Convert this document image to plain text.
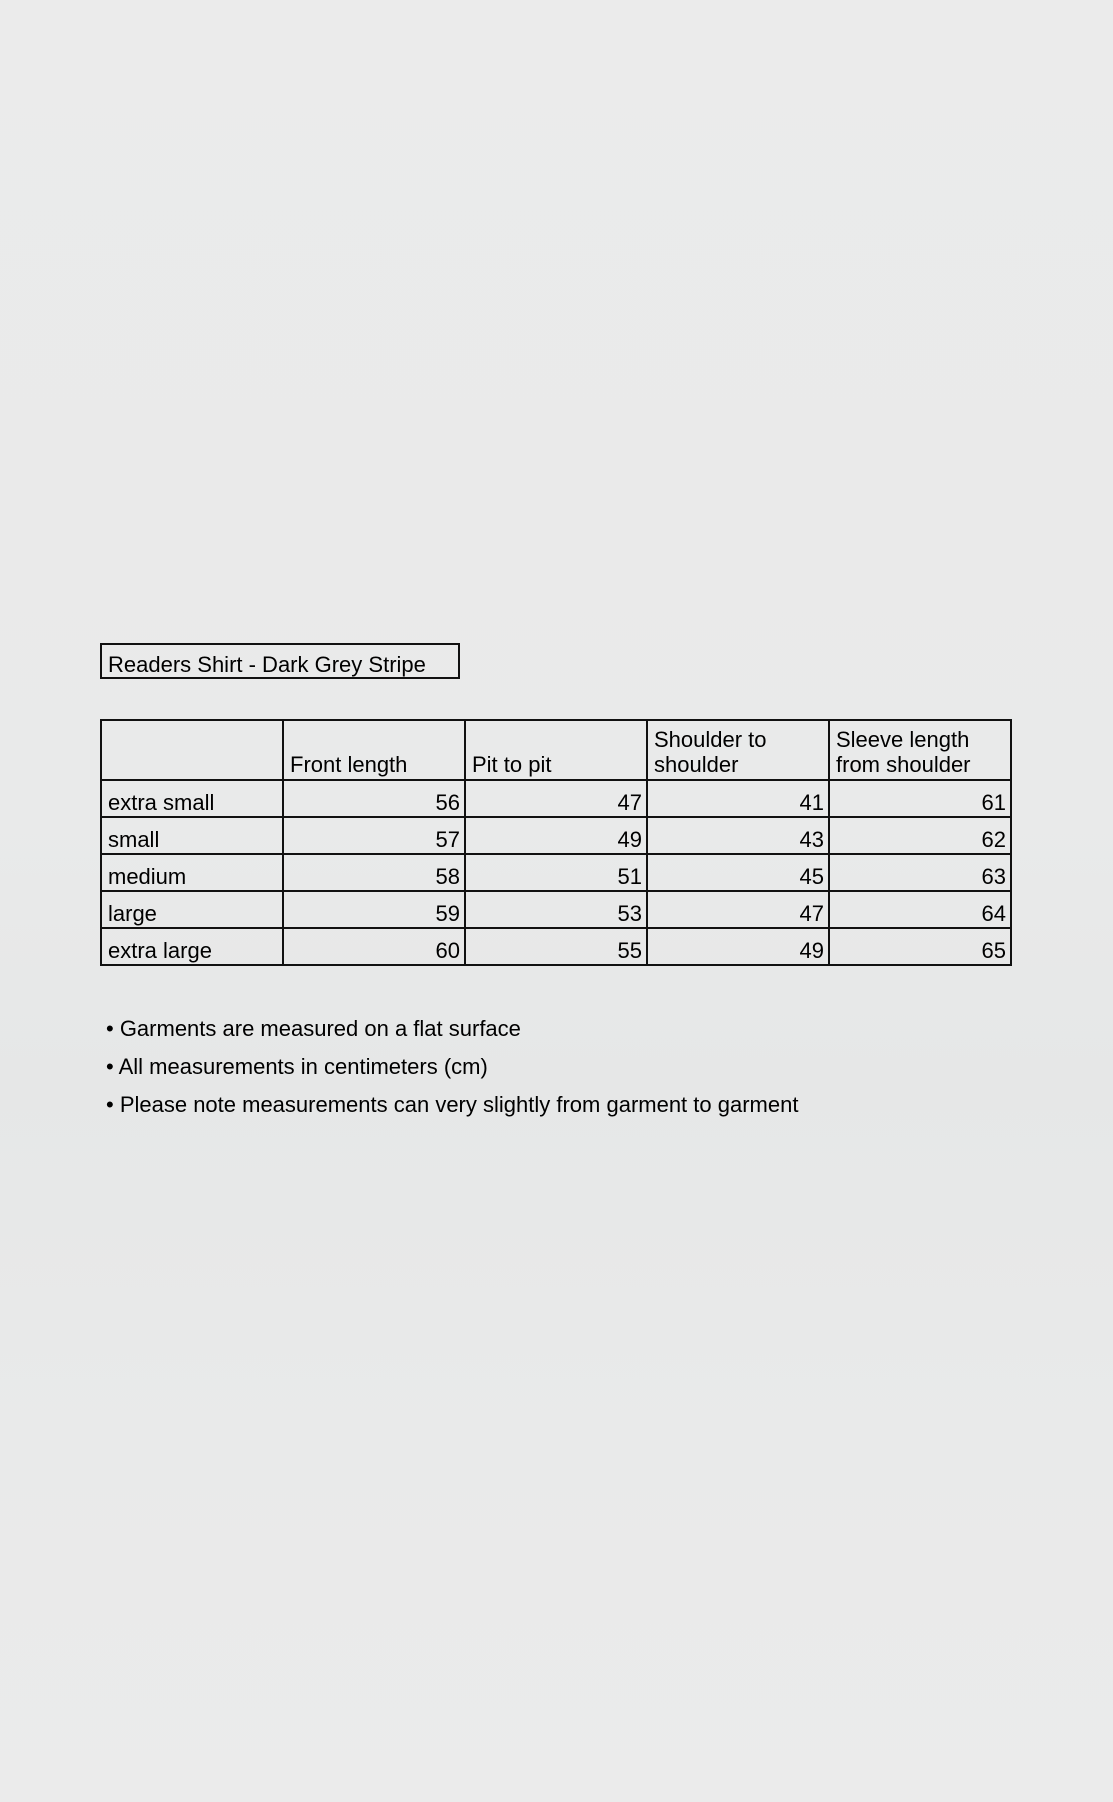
Readers Shirt - Dark Grey Stripe
	Front length	Pit to pit	Shoulder to shoulder	Sleeve length from shoulder
extra small	56	47	41	61
small	57	49	43	62
medium	58	51	45	63
large	59	53	47	64
extra large	60	55	49	65
• Garments are measured on a flat surface
• All measurements in centimeters (cm)
• Please note measurements can very slightly from garment to garment
